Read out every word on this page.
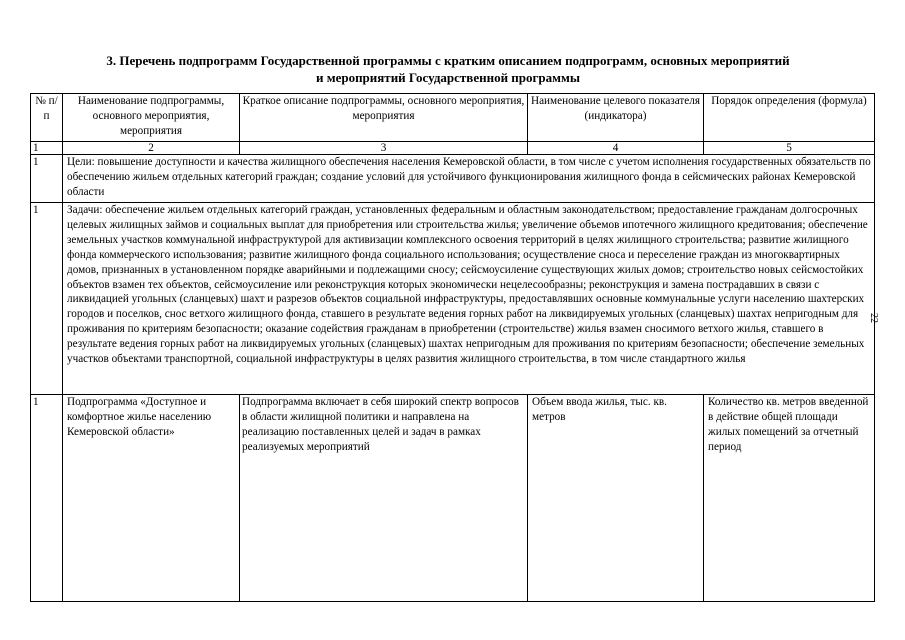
3. Перечень подпрограмм Государственной программы с кратким описанием подпрограмм, основных мероприятий
и мероприятий Государственной программы
№ п/п	Наименование подпрограммы, основного мероприятия, мероприятия	Краткое описание подпрограммы, основного мероприятия, мероприятия	Наименование целевого показателя (индикатора)	Порядок определения (формула)
1	2	3	4	5
1	Цели: повышение доступности и качества жилищного обеспечения населения Кемеровской области, в том числе с учетом исполнения государственных обязательств по обеспечению жильем отдельных категорий граждан; создание условий для устойчивого функционирования жилищного фонда в сейсмических районах Кемеровской области			
1	Задачи: обеспечение жильем отдельных категорий граждан, установленных федеральным и областным законодательством; предоставление гражданам долгосрочных целевых жилищных займов и социальных выплат для приобретения или строительства жилья; увеличение объемов ипотечного жилищного кредитования; обеспечение земельных участков коммунальной инфраструктурой для активизации комплексного освоения территорий в целях жилищного строительства; развитие жилищного фонда коммерческого использования; развитие жилищного фонда социального использования; осуществление сноса и переселение граждан из многоквартирных домов, признанных в установленном порядке аварийными и подлежащими сносу; сейсмоусиление существующих жилых домов; строительство новых сейсмостойких объектов взамен тех объектов, сейсмоусиление или реконструкция которых экономически нецелесообразны; реконструкция и замена пострадавших в связи с ликвидацией угольных (сланцевых) шахт и разрезов объектов социальной инфраструктуры, предоставлявших основные коммунальные услуги населению шахтерских городов и поселков, снос ветхого жилищного фонда, ставшего в результате ведения горных работ на ликвидируемых угольных (сланцевых) шахтах непригодным для проживания по критериям безопасности; оказание содействия гражданам в приобретении (строительстве) жилья взамен сносимого ветхого жилья, ставшего в результате ведения горных работ на ликвидируемых угольных (сланцевых) шахтах непригодным для проживания по критериям безопасности; обеспечение земельных участков объектами транспортной, социальной инфраструктуры в целях развития жилищного строительства, в том числе стандартного жилья			
1	Подпрограмма «Доступное и комфортное жилье населению Кемеровской области»	Подпрограмма включает в себя широкий спектр вопросов в области жилищной политики и направлена на реализацию поставленных целей и задач в рамках реализуемых мероприятий	Объем ввода жилья, тыс. кв. метров	Количество кв. метров введенной в действие общей площади жилых помещений за отчетный период
22
